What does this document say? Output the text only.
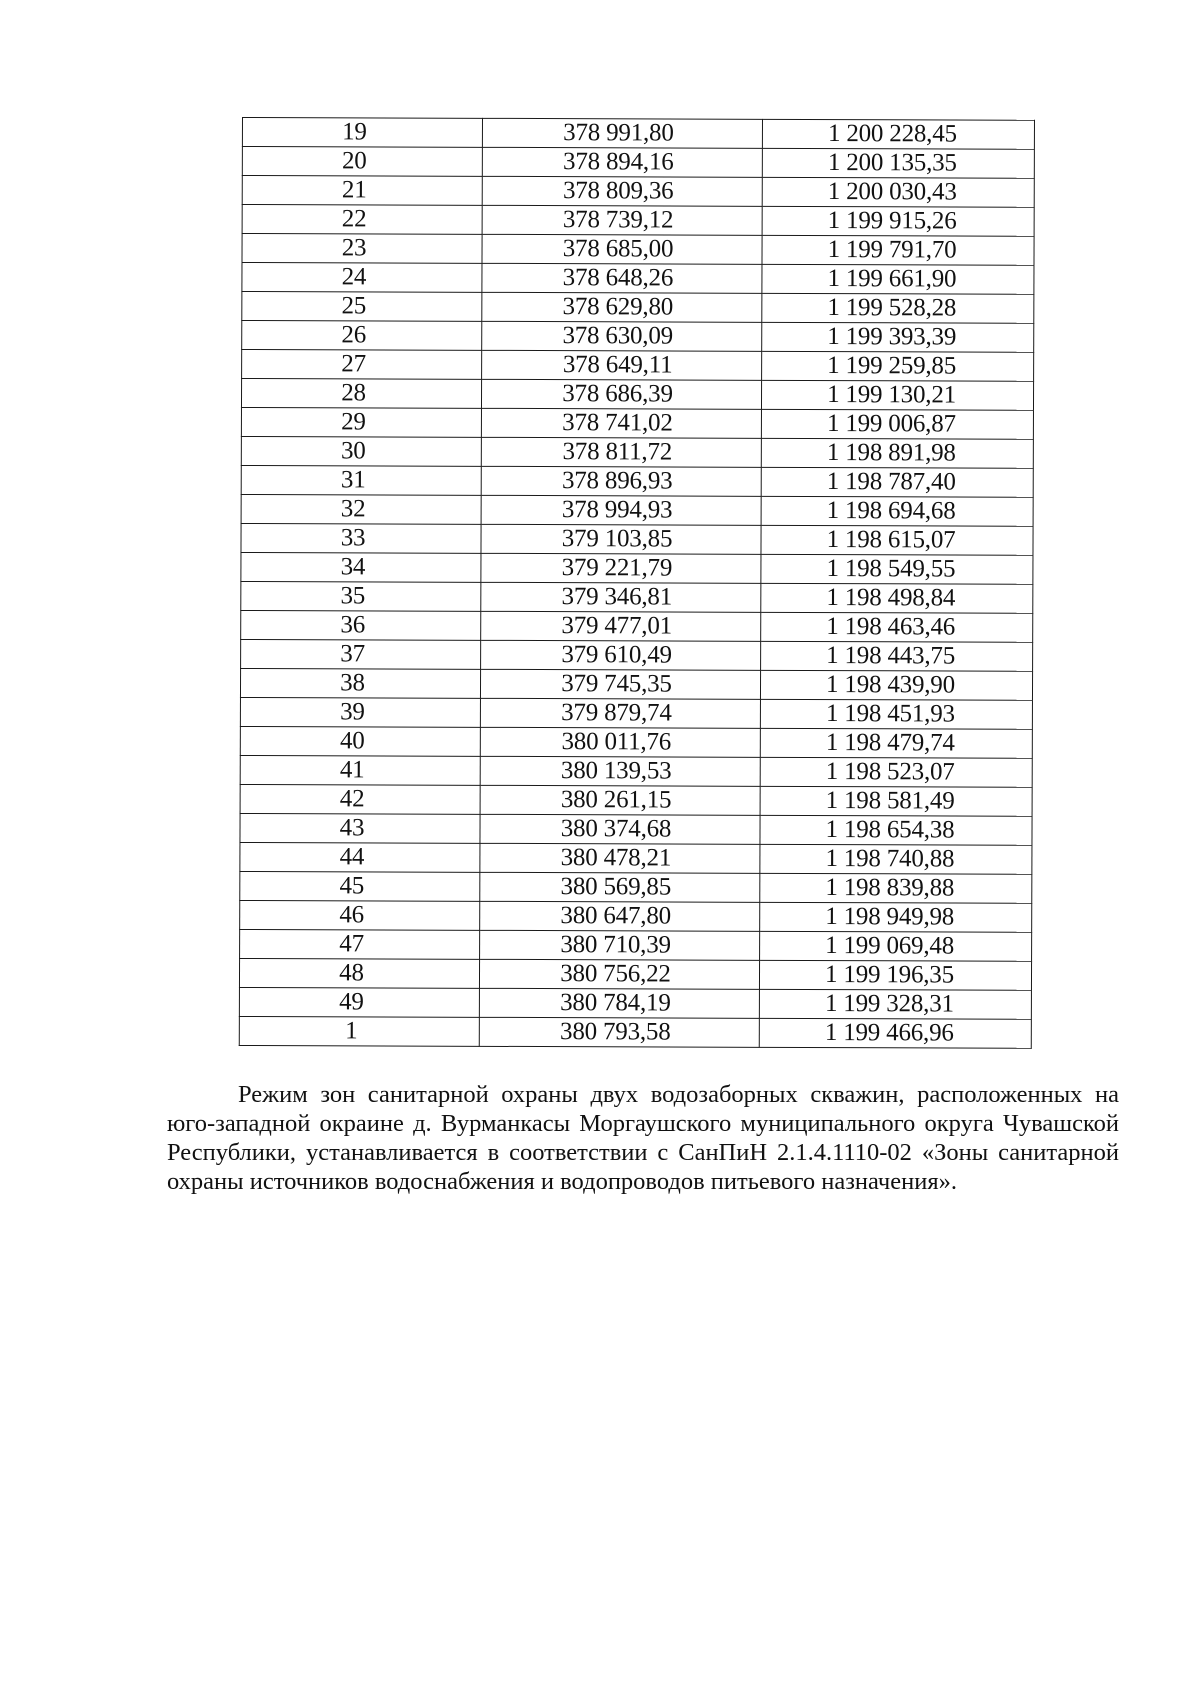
19	378 991,80	1 200 228,45
20	378 894,16	1 200 135,35
21	378 809,36	1 200 030,43
22	378 739,12	1 199 915,26
23	378 685,00	1 199 791,70
24	378 648,26	1 199 661,90
25	378 629,80	1 199 528,28
26	378 630,09	1 199 393,39
27	378 649,11	1 199 259,85
28	378 686,39	1 199 130,21
29	378 741,02	1 199 006,87
30	378 811,72	1 198 891,98
31	378 896,93	1 198 787,40
32	378 994,93	1 198 694,68
33	379 103,85	1 198 615,07
34	379 221,79	1 198 549,55
35	379 346,81	1 198 498,84
36	379 477,01	1 198 463,46
37	379 610,49	1 198 443,75
38	379 745,35	1 198 439,90
39	379 879,74	1 198 451,93
40	380 011,76	1 198 479,74
41	380 139,53	1 198 523,07
42	380 261,15	1 198 581,49
43	380 374,68	1 198 654,38
44	380 478,21	1 198 740,88
45	380 569,85	1 198 839,88
46	380 647,80	1 198 949,98
47	380 710,39	1 199 069,48
48	380 756,22	1 199 196,35
49	380 784,19	1 199 328,31
1	380 793,58	1 199 466,96

Режим зон санитарной охраны двух водозаборных скважин, расположенных на юго-западной окраине д. Вурманкасы Моргаушского муниципального округа Чувашской Республики, устанавливается в соответствии с СанПиН 2.1.4.1110-02 «Зоны санитарной охраны источников водоснабжения и водопроводов питьевого назначения».
